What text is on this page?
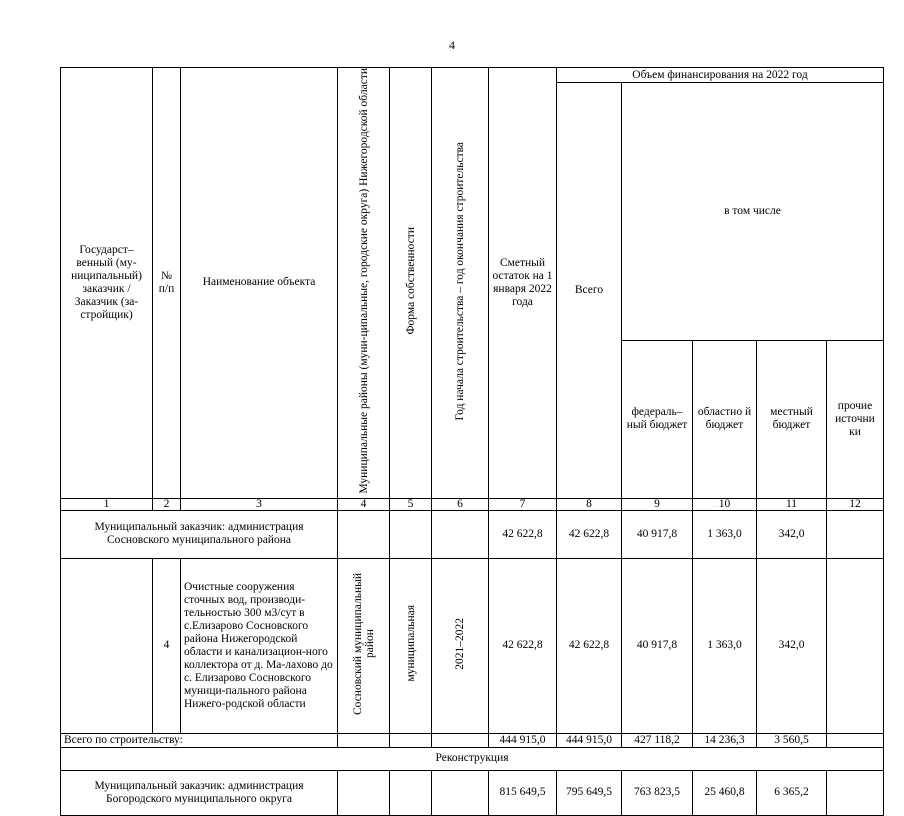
4
Государст–венный (му-ниципальный) заказчик / Заказчик (за-стройщик)	№ п/п	Наименование объекта	Муниципальные районы (муни-ципальные, городские округа) Нижегородской области	Форма собственности	Год начала строительства – год окончания строительства	Сметный остаток на 1 января 2022 года	Объем финансирования на 2022 год				
							Всего	в том числе			
								федераль–ный бюджет	областно й бюджет	местный бюджет	прочие источни ки
1	2	3	4	5	6	7	8	9	10	11	12
Муниципальный заказчик: администрация Сосновского муниципального района						42 622,8	42 622,8	40 917,8	1 363,0	342,0	
	4	Очистные сооружения сточных вод, производи-тельностью 300 м3/сут в с.Елизарово Сосновского района Нижегородской области и канализацион-ного коллектора от д. Ма-лахово до с. Елизарово Сосновского муници-пального района Нижего-родской области	Сосновский муниципальный район	муниципальная	2021–2022	42 622,8	42 622,8	40 917,8	1 363,0	342,0	
Всего по строительству:						444 915,0	444 915,0	427 118,2	14 236,3	3 560,5	
Реконструкция											
Муниципальный заказчик: администрация Богородского муниципального округа						815 649,5	795 649,5	763 823,5	25 460,8	6 365,2	
